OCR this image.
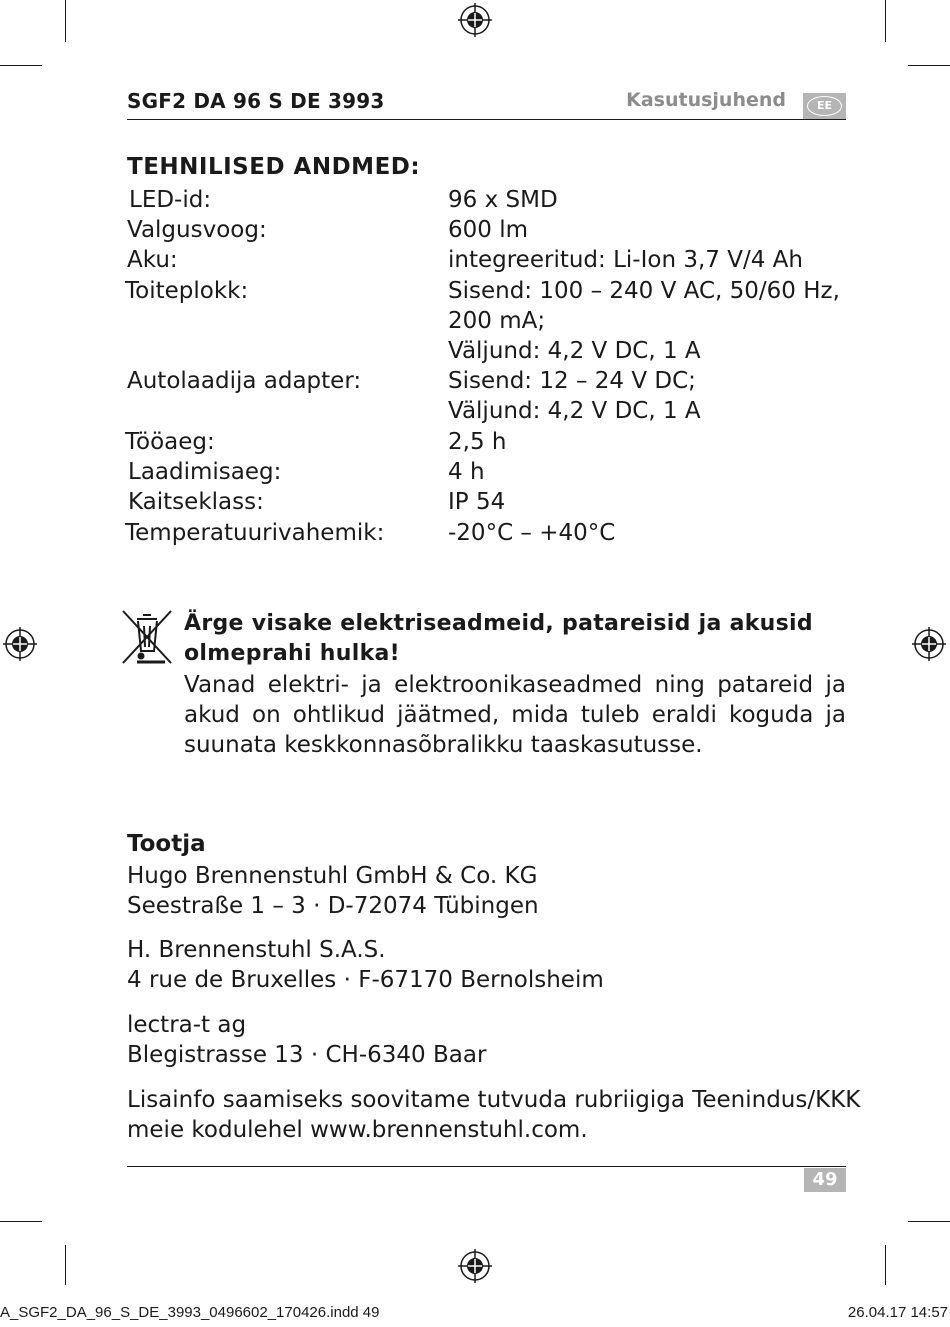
SGF2 DA 96 S DE 3993	Kasutusjuhend	EE
TEHNILISED ANDMED:
LED-id:	96 x SMD
Valgusvoog:	600 lm
Aku:	integreeritud: Li-Ion 3,7 V/4 Ah
Toiteplokk:	Sisend: 100 – 240 V AC, 50/60 Hz,
200 mA;
Väljund: 4,2 V DC, 1 A
Autolaadija adapter:	Sisend: 12 – 24 V DC;
Väljund: 4,2 V DC, 1 A
Tööaeg:	2,5 h
Laadimisaeg:	4 h
Kaitseklass:	IP 54
Temperatuurivahemik:	-20°C – +40°C
Ärge visake elektriseadmeid, patareisid ja akusid
olmeprahi hulka!
Vanad elektri- ja elektroonikaseadmed ning patareid ja akud on ohtlikud jäätmed, mida tuleb eraldi koguda ja suunata keskkonnasõbralikku taaskasutusse.
Tootja
Hugo Brennenstuhl GmbH & Co. KG
Seestraße 1 – 3 · D-72074 Tübingen
H. Brennenstuhl S.A.S.
4 rue de Bruxelles · F-67170 Bernolsheim
lectra-t ag
Blegistrasse 13 · CH-6340 Baar
Lisainfo saamiseks soovitame tutvuda rubriigiga Teenindus/KKK
meie kodulehel www.brennenstuhl.com.
49
A_SGF2_DA_96_S_DE_3993_0496602_170426.indd 49	26.04.17 14:57
